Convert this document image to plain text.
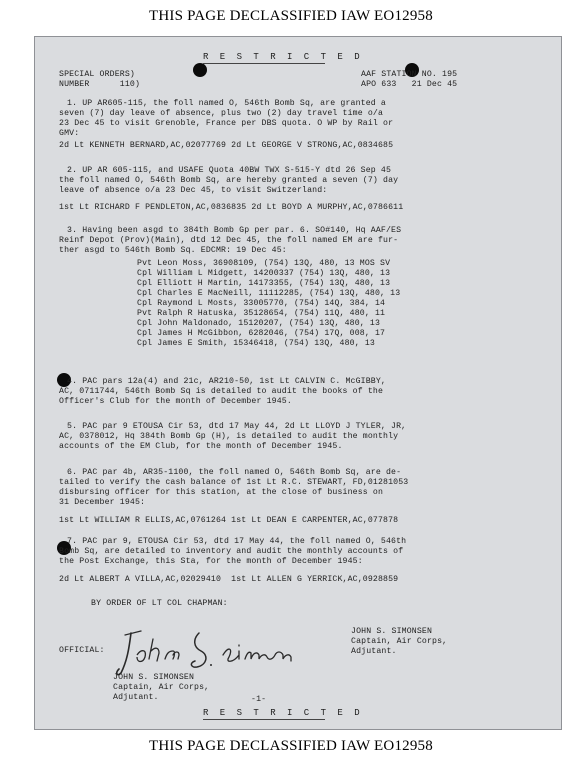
THIS PAGE DECLASSIFIED IAW EO12958
R E S T R I C T E D
SPECIAL ORDERS)
NUMBER      110)
AAF STATION NO. 195
APO 633   21 Dec 45
1. UP AR605-115, the foll named O, 546th Bomb Sq, are granted a
seven (7) day leave of absence, plus two (2) day travel time o/a
23 Dec 45 to visit Grenoble, France per DBS quota. O WP by Rail or
GMV:
2d Lt KENNETH BERNARD,AC,02077769 2d Lt GEORGE V STRONG,AC,0834685
2. UP AR 605-115, and USAFE Quota 40BW TWX S-515-Y dtd 26 Sep 45
the foll named O, 546th Bomb Sq, are hereby granted a seven (7) day
leave of absence o/a 23 Dec 45, to visit Switzerland:
1st Lt RICHARD F PENDLETON,AC,0836835 2d Lt BOYD A MURPHY,AC,0786611
3. Having been asgd to 384th Bomb Gp per par. 6. SO#140, Hq AAF/ES
Reinf Depot (Prov)(Main), dtd 12 Dec 45, the foll named EM are fur-
ther asgd to 546th Bomb Sq. EDCMR: 19 Dec 45:
Pvt Leon Moss, 36908109, (754) 13Q, 480, 13 MOS SV
Cpl William L Midgett, 14200337 (754) 13Q, 480, 13
Cpl Elliott H Martin, 14173355, (754) 13Q, 480, 13
Cpl Charles E MacNeill, 11112285, (754) 13Q, 480, 13
Cpl Raymond L Mosts, 33005770, (754) 14Q, 384, 14
Pvt Ralph R Hatuska, 35128654, (754) 11Q, 480, 11
Cpl John Maldonado, 15120207, (754) 13Q, 480, 13
Cpl James H McGibbon, 6282046, (754) 17Q, 008, 17
Cpl James E Smith, 15346418, (754) 13Q, 480, 13
4. PAC pars 12a(4) and 21c, AR210-50, 1st Lt CALVIN C. McGIBBY,
AC, 0711744, 546th Bomb Sq is detailed to audit the books of the
Officer's Club for the month of December 1945.
5. PAC par 9 ETOUSA Cir 53, dtd 17 May 44, 2d Lt LLOYD J TYLER, JR,
AC, 0378012, Hq 384th Bomb Gp (H), is detailed to audit the monthly
accounts of the EM Club, for the month of December 1945.
6. PAC par 4b, AR35-1100, the foll named O, 546th Bomb Sq, are de-
tailed to verify the cash balance of 1st Lt R.C. STEWART, FD,01281053
disbursing officer for this station, at the close of business on
31 December 1945:
1st Lt WILLIAM R ELLIS,AC,0761264 1st Lt DEAN E CARPENTER,AC,077878
7. PAC par 9, ETOUSA Cir 53, dtd 17 May 44, the foll named O, 546th
Bomb Sq, are detailed to inventory and audit the monthly accounts of
the Post Exchange, this Sta, for the month of December 1945:
2d Lt ALBERT A VILLA,AC,02029410  1st Lt ALLEN G YERRICK,AC,0928859
BY ORDER OF LT COL CHAPMAN:
JOHN S. SIMONSEN
Captain, Air Corps,
Adjutant.
OFFICIAL:
JOHN S. SIMONSEN
Captain, Air Corps,
Adjutant.	-1-
R E S T R I C T E D
THIS PAGE DECLASSIFIED IAW EO12958
